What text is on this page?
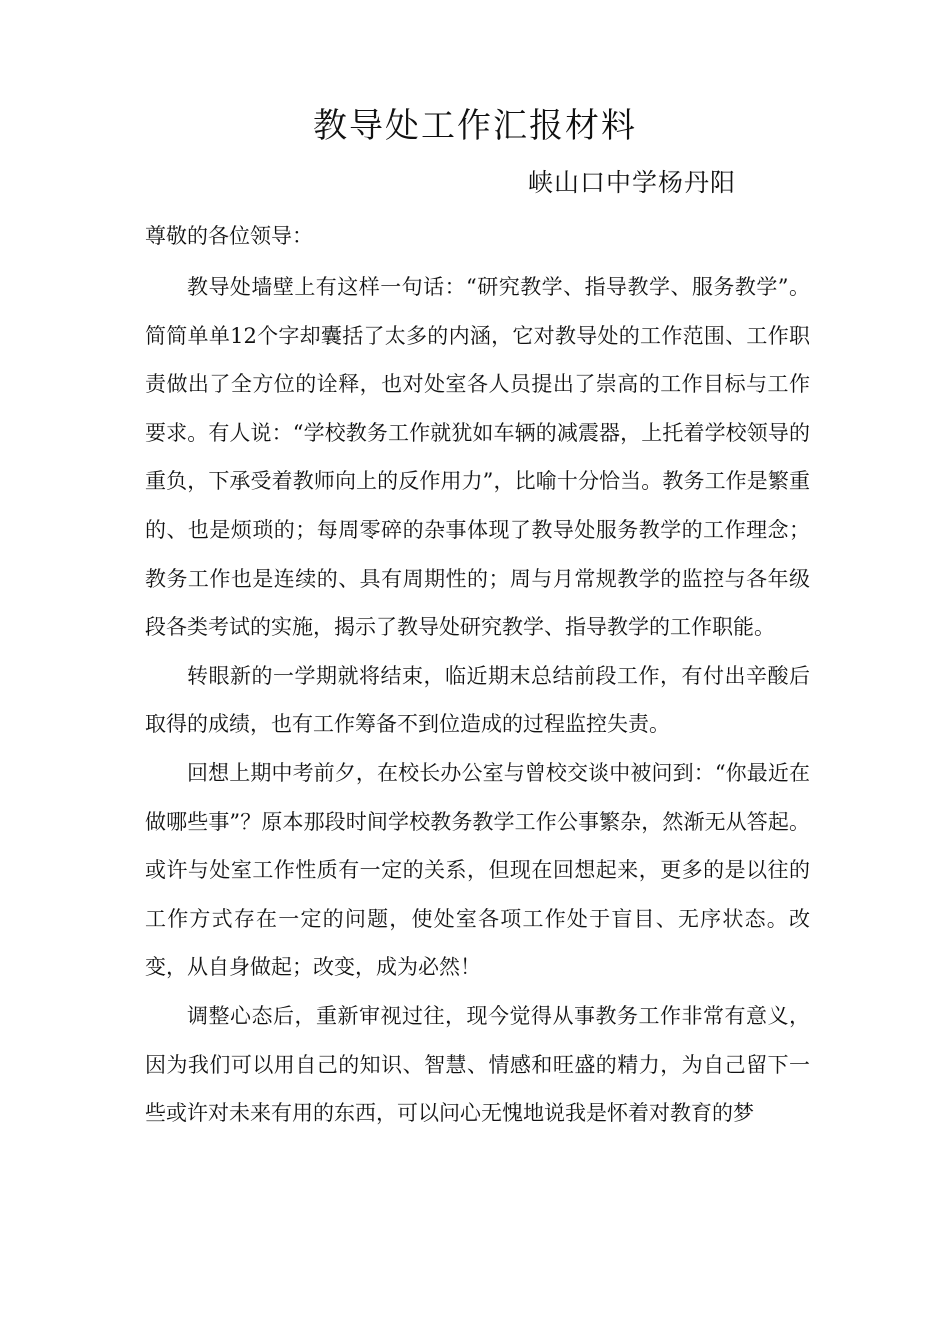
教导处工作汇报材料
峡山口中学杨丹阳
尊敬的各位领导：

教导处墙壁上有这样一句话：“研究教学、指导教学、服务教学”。简简单单12个字却囊括了太多的内涵，它对教导处的工作范围、工作职责做出了全方位的诠释，也对处室各人员提出了崇高的工作目标与工作要求。有人说：“学校教务工作就犹如车辆的减震器，上托着学校领导的重负，下承受着教师向上的反作用力”，比喻十分恰当。教务工作是繁重的、也是烦琐的；每周零碎的杂事体现了教导处服务教学的工作理念；教务工作也是连续的、具有周期性的；周与月常规教学的监控与各年级段各类考试的实施，揭示了教导处研究教学、指导教学的工作职能。

转眼新的一学期就将结束，临近期末总结前段工作，有付出辛酸后取得的成绩，也有工作筹备不到位造成的过程监控失责。

回想上期中考前夕，在校长办公室与曾校交谈中被问到：“你最近在做哪些事”？原本那段时间学校教务教学工作公事繁杂，然渐无从答起。或许与处室工作性质有一定的关系，但现在回想起来，更多的是以往的工作方式存在一定的问题，使处室各项工作处于盲目、无序状态。改变，从自身做起；改变，成为必然！

调整心态后，重新审视过往，现今觉得从事教务工作非常有意义，因为我们可以用自己的知识、智慧、情感和旺盛的精力，为自己留下一些或许对未来有用的东西，可以问心无愧地说我是怀着对教育的梦
